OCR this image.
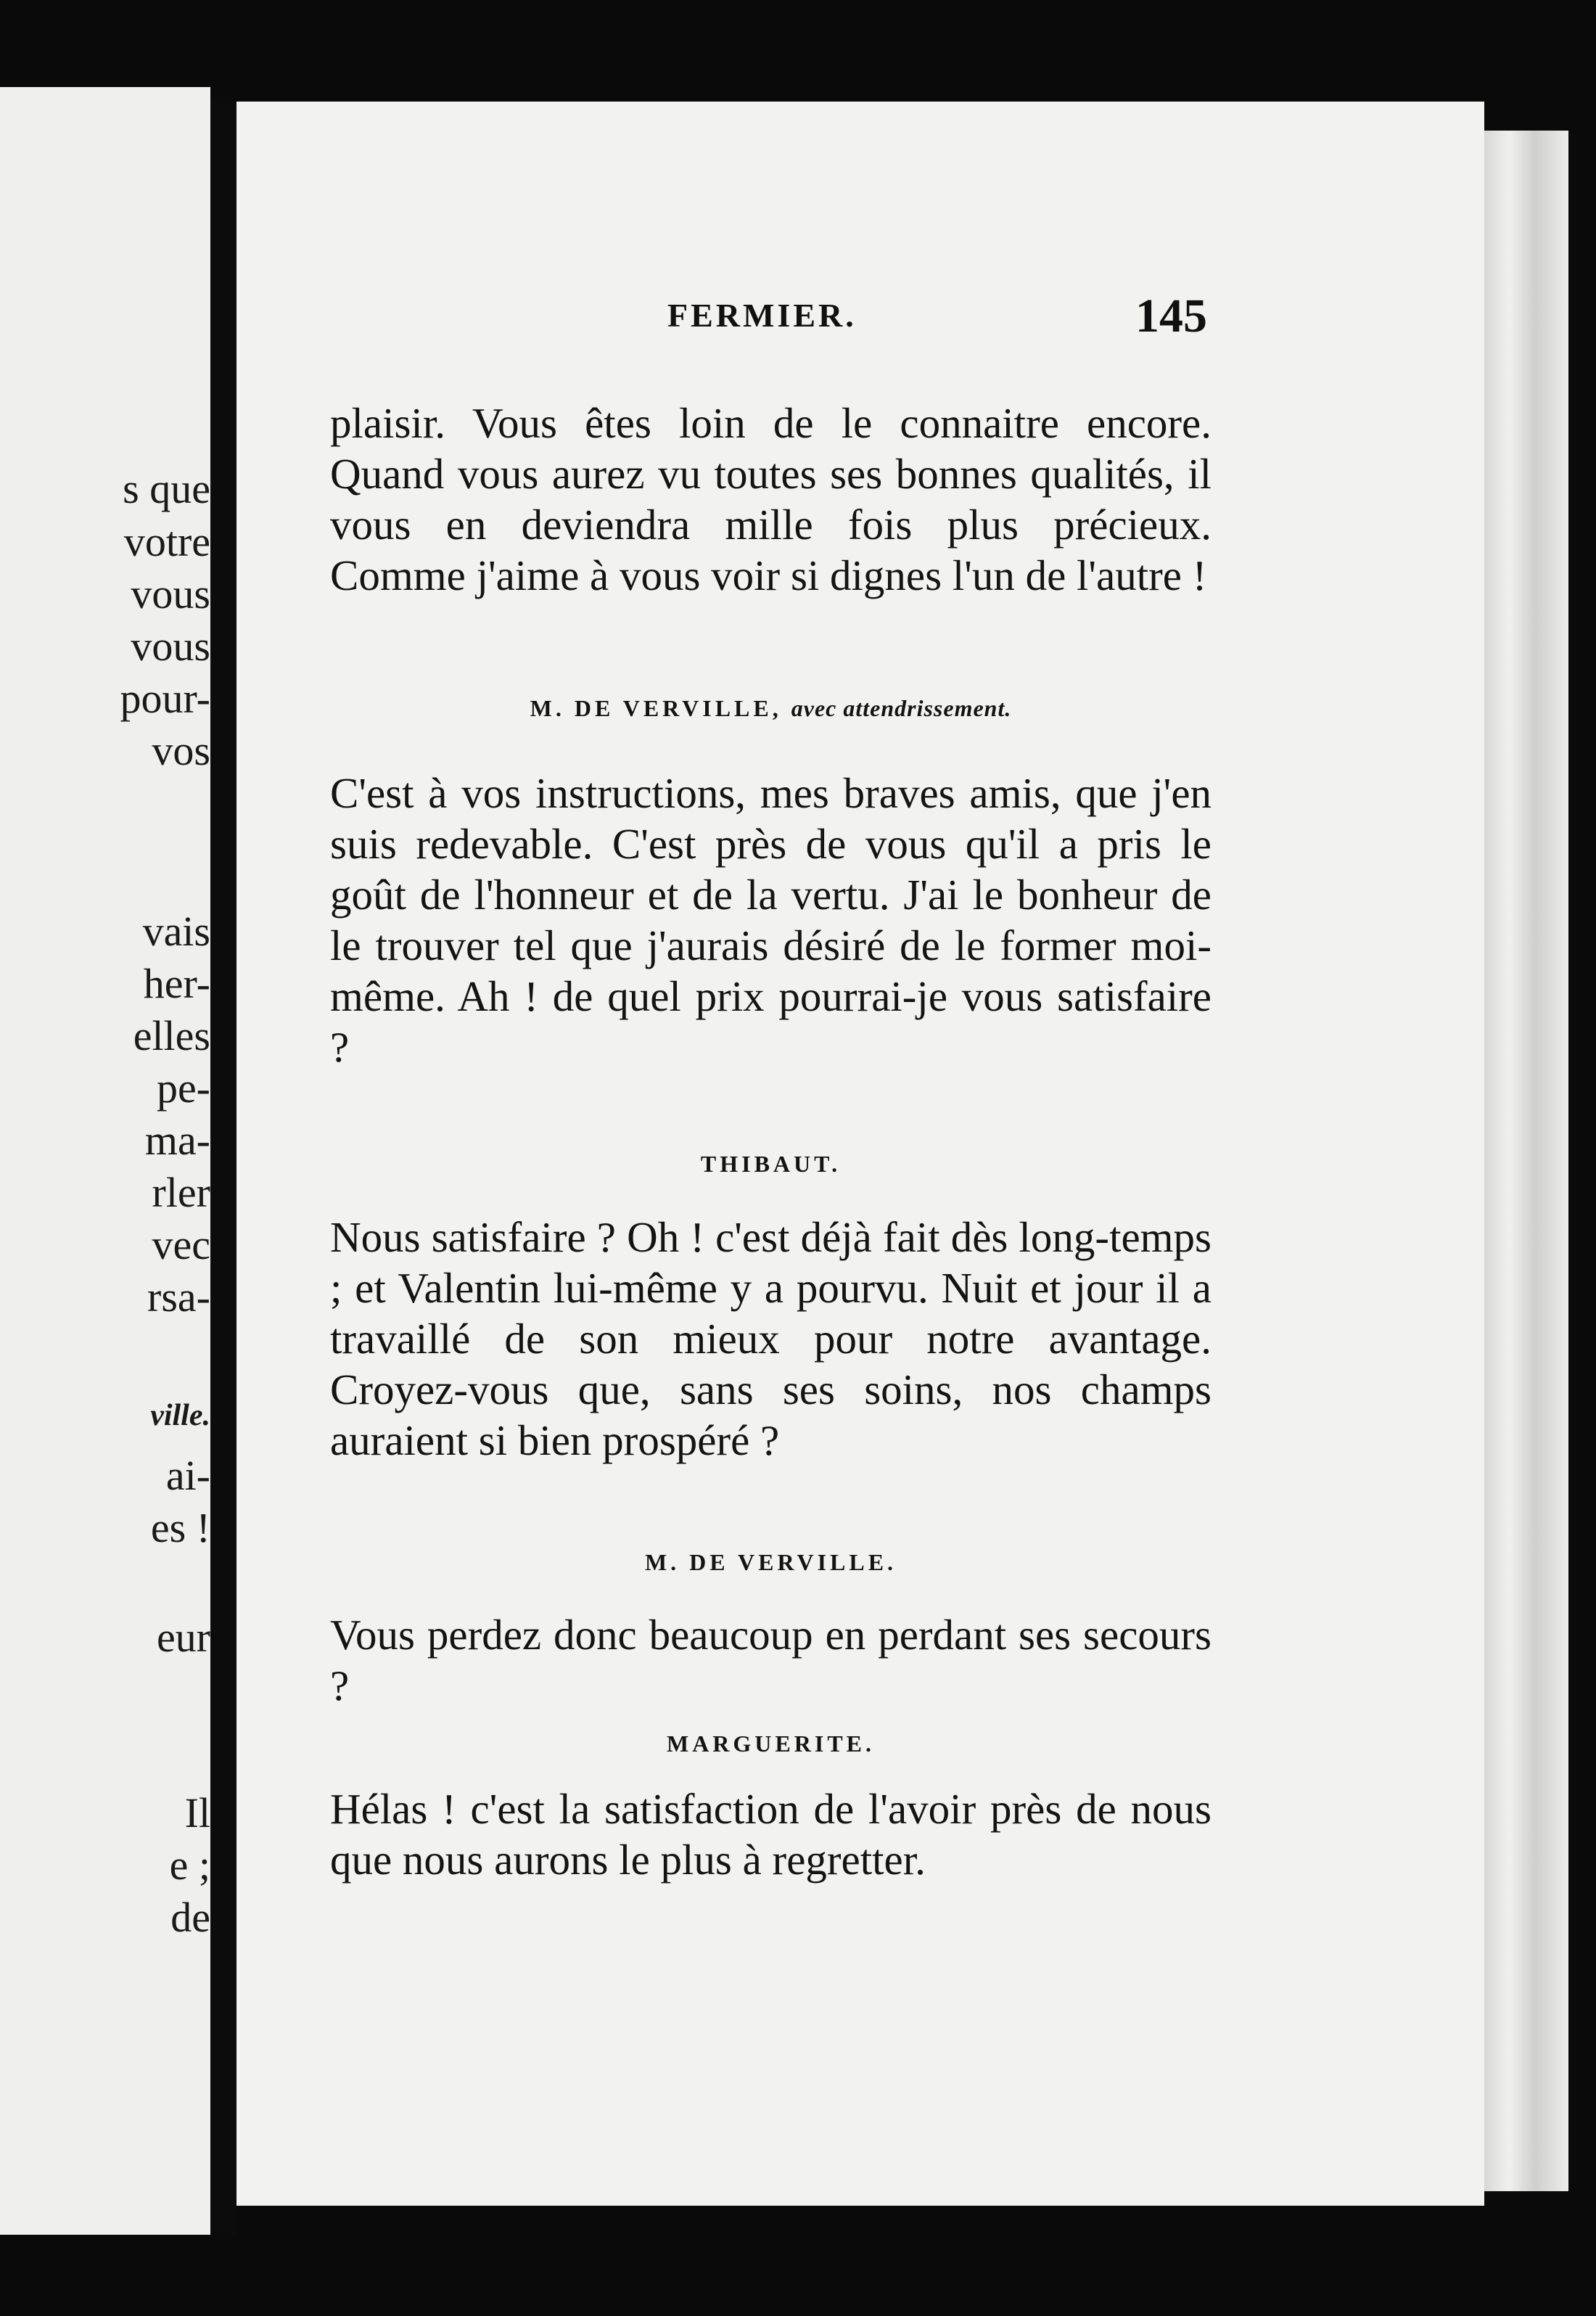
s que
votre
vous
vous
pour-
vos
vais
her-
elles
pe-
ma-
rler
vec
rsa-
ville.
ai-
es !
eur
Il
e ;
de
FERMIER.	145

plaisir. Vous êtes loin de le connaitre encore. Quand vous aurez vu toutes ses bonnes qualités, il vous en deviendra mille fois plus précieux. Comme j'aime à vous voir si dignes l'un de l'autre !

M. DE VERVILLE, avec attendrissement.

C'est à vos instructions, mes braves amis, que j'en suis redevable. C'est près de vous qu'il a pris le goût de l'honneur et de la vertu. J'ai le bonheur de le trouver tel que j'aurais désiré de le former moi-même. Ah ! de quel prix pourrai-je vous satisfaire ?

THIBAUT.

Nous satisfaire ? Oh ! c'est déjà fait dès long-temps ; et Valentin lui-même y a pourvu. Nuit et jour il a travaillé de son mieux pour notre avantage. Croyez-vous que, sans ses soins, nos champs auraient si bien prospéré ?

M. DE VERVILLE.

Vous perdez donc beaucoup en perdant ses secours ?

MARGUERITE.

Hélas ! c'est la satisfaction de l'avoir près de nous que nous aurons le plus à regretter.
